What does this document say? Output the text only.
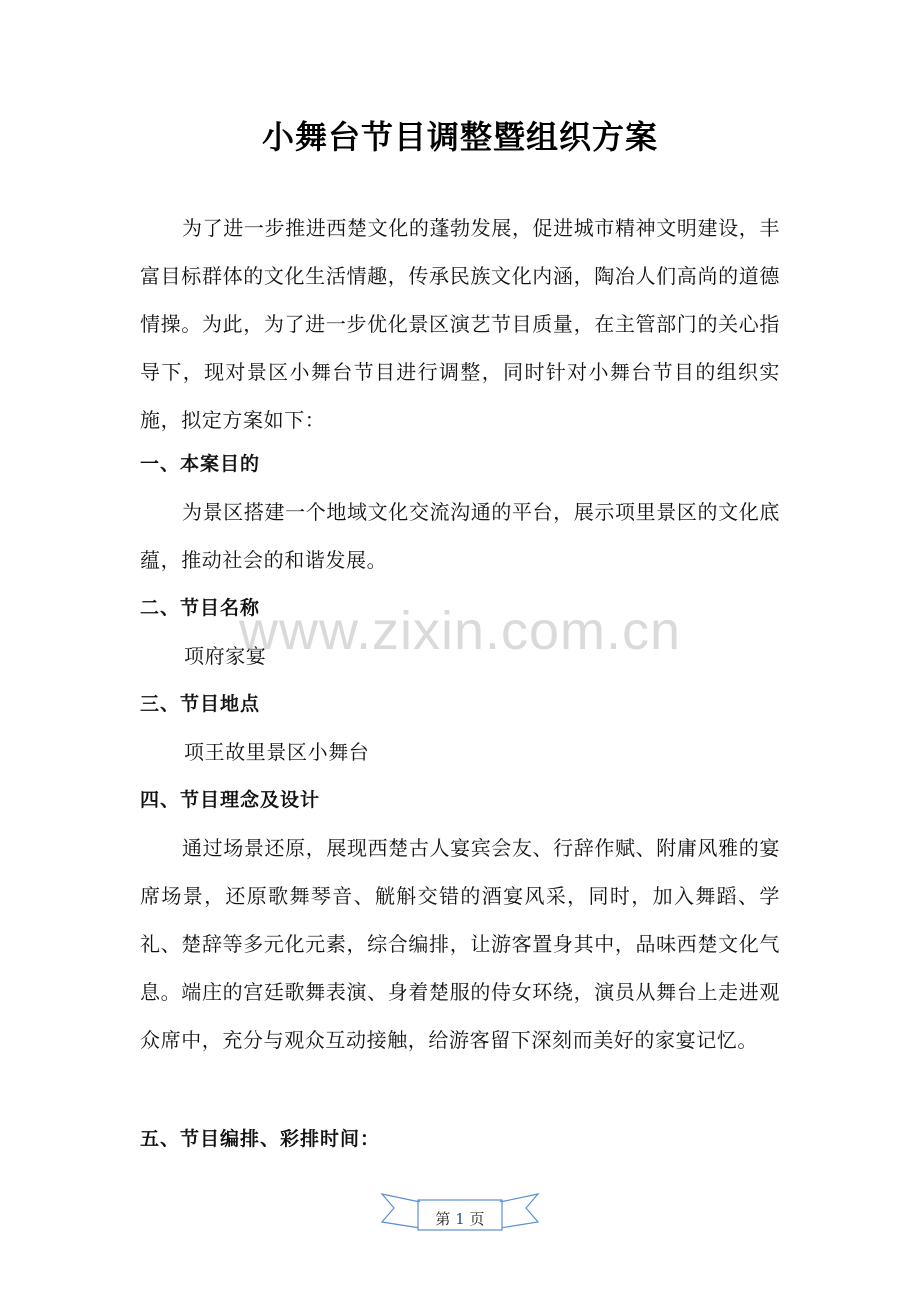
小舞台节目调整暨组织方案

为了进一步推进西楚文化的蓬勃发展，促进城市精神文明建设，丰富目标群体的文化生活情趣，传承民族文化内涵，陶冶人们高尚的道德情操。为此，为了进一步优化景区演艺节目质量，在主管部门的关心指导下，现对景区小舞台节目进行调整，同时针对小舞台节目的组织实施，拟定方案如下：

一、本案目的

为景区搭建一个地域文化交流沟通的平台，展示项里景区的文化底蕴，推动社会的和谐发展。

二、节目名称

项府家宴

三、节目地点

项王故里景区小舞台

四、节目理念及设计

通过场景还原，展现西楚古人宴宾会友、行辞作赋、附庸风雅的宴席场景，还原歌舞琴音、觥斛交错的酒宴风采，同时，加入舞蹈、学礼、楚辞等多元化元素，综合编排，让游客置身其中，品味西楚文化气息。端庄的宫廷歌舞表演、身着楚服的侍女环绕，演员从舞台上走进观众席中，充分与观众互动接触，给游客留下深刻而美好的家宴记忆。

五、节目编排、彩排时间：
www.zixin.com.cn
第 1 页
